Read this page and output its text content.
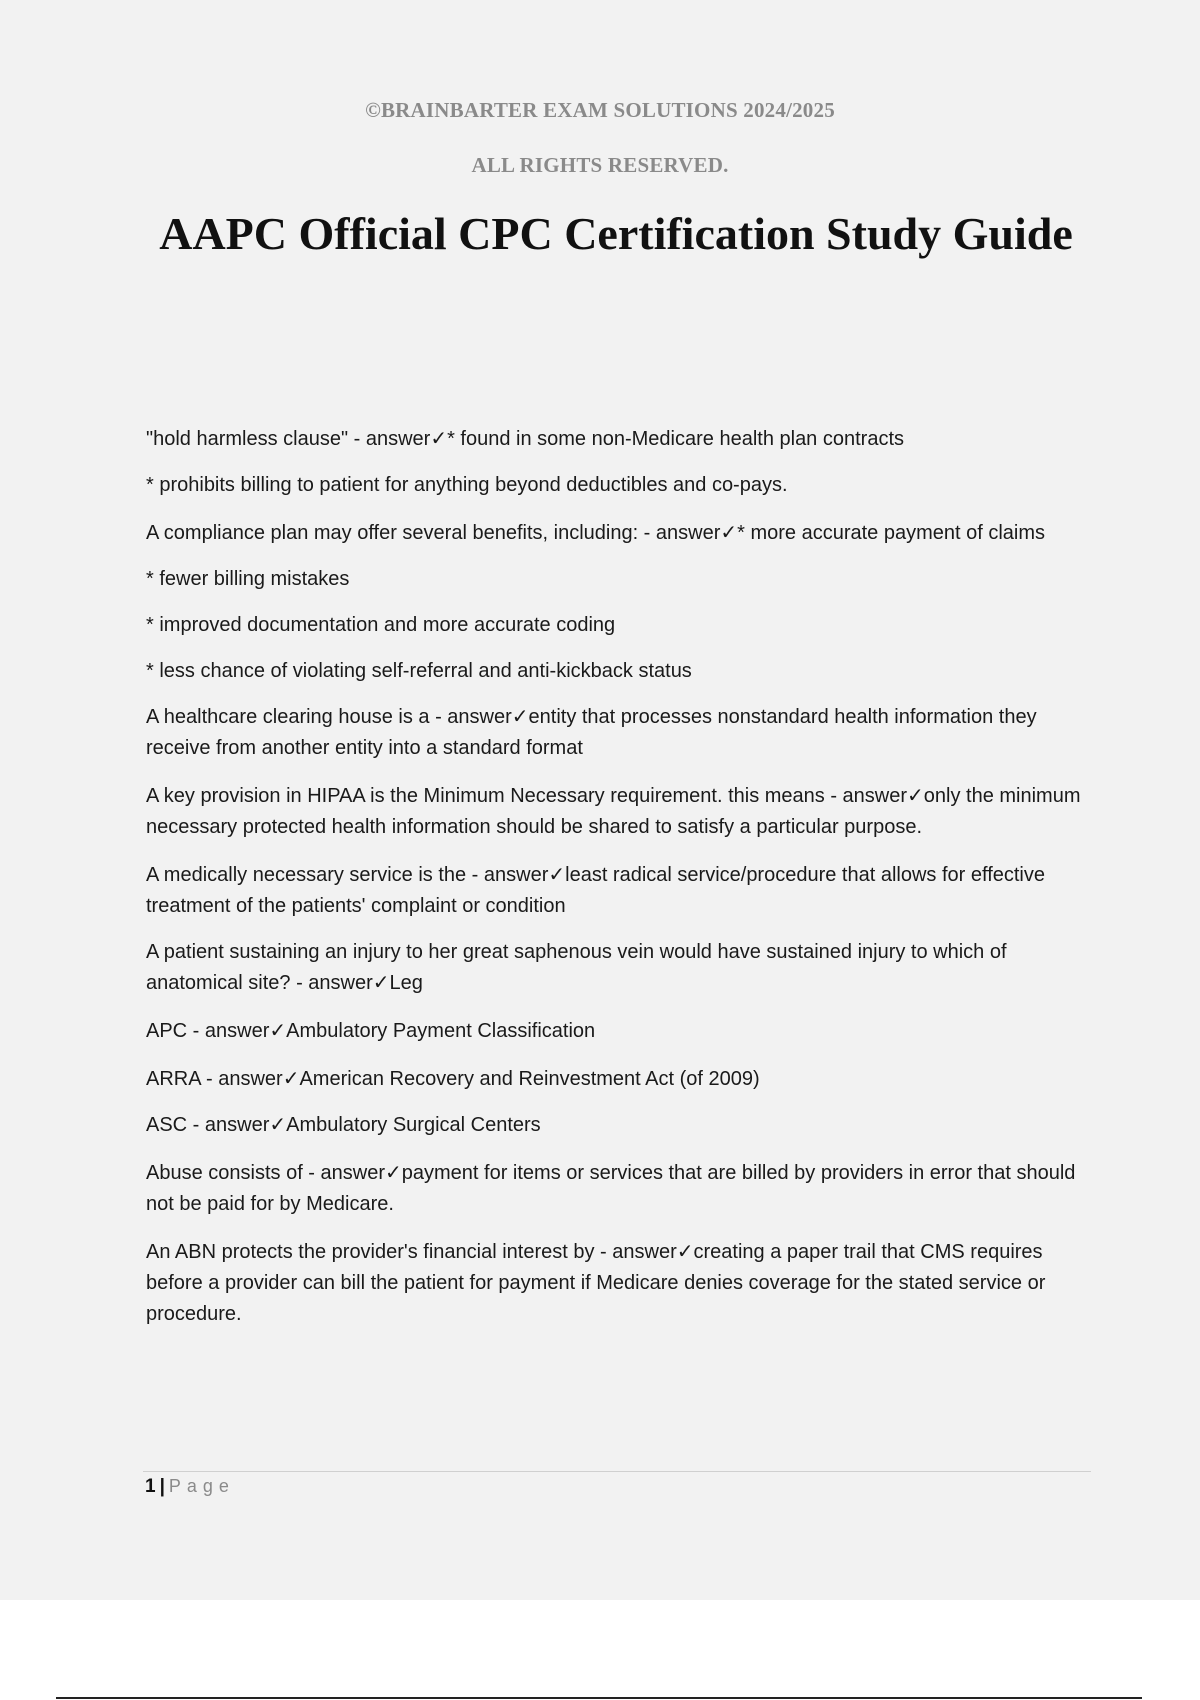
©BRAINBARTER EXAM SOLUTIONS 2024/2025
ALL RIGHTS RESERVED.
AAPC Official CPC Certification Study Guide

"hold harmless clause" - answer✓* found in some non-Medicare health plan contracts

* prohibits billing to patient for anything beyond deductibles and co-pays.

A compliance plan may offer several benefits, including: - answer✓* more accurate payment of claims

* fewer billing mistakes

* improved documentation and more accurate coding

* less chance of violating self-referral and anti-kickback status

A healthcare clearing house is a - answer✓entity that processes nonstandard health information they receive from another entity into a standard format

A key provision in HIPAA is the Minimum Necessary requirement. this means - answer✓only the minimum necessary protected health information should be shared to satisfy a particular purpose.

A medically necessary service is the - answer✓least radical service/procedure that allows for effective treatment of the patients' complaint or condition

A patient sustaining an injury to her great saphenous vein would have sustained injury to which of anatomical site? - answer✓Leg

APC - answer✓Ambulatory Payment Classification

ARRA - answer✓American Recovery and Reinvestment Act (of 2009)

ASC - answer✓Ambulatory Surgical Centers

Abuse consists of - answer✓payment for items or services that are billed by providers in error that should not be paid for by Medicare.

An ABN protects the provider's financial interest by - answer✓creating a paper trail that CMS requires before a provider can bill the patient for payment if Medicare denies coverage for the stated service or procedure.

1 | Page
